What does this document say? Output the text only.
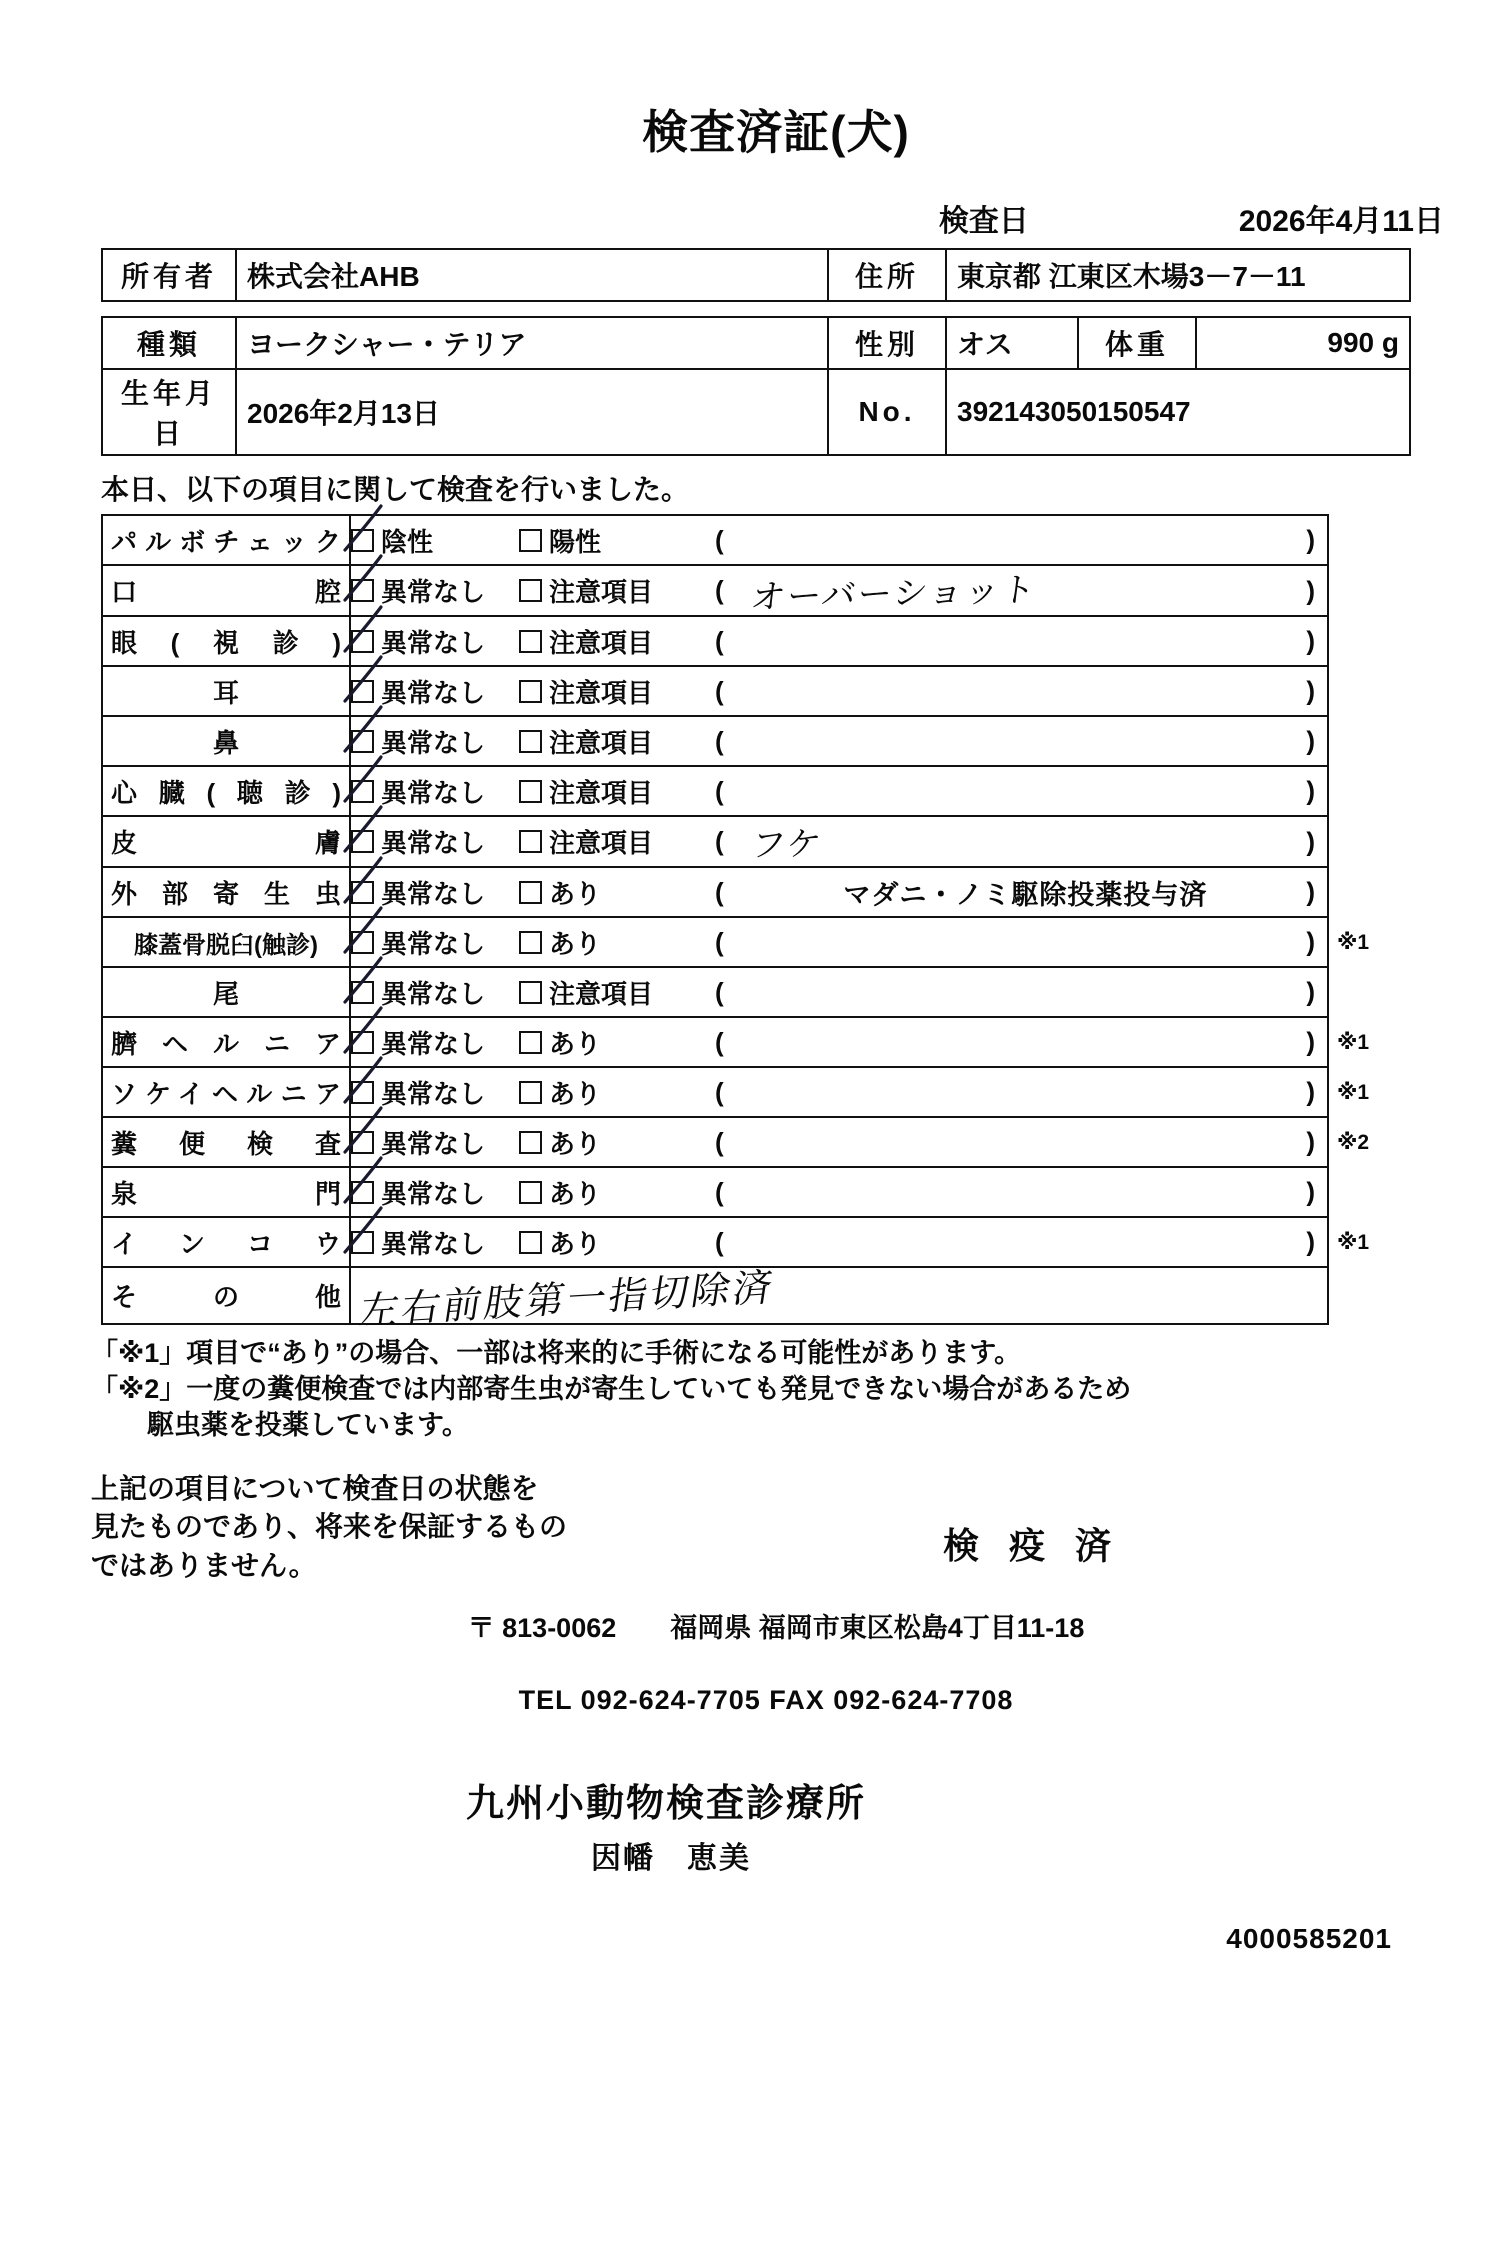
検査済証(犬)
検査日	2026年4月11日
所有者	株式会社AHB	住所	東京都 江東区木場3－7－11
種類	ヨークシャー・テリア	性別	オス	体重	990 g
生年月日	2026年2月13日	No.	392143050150547		
本日、以下の項目に関して検査を行いました。
パルボチェック	陰性 陽性 ( )	

口腔	異常なし 注意項目 ( オーバーショット )	

眼(視診)	異常なし 注意項目 ( )	

耳	異常なし 注意項目 ( )	

鼻	異常なし 注意項目 ( )	

心臓(聴診)	異常なし 注意項目 ( )	

皮膚	異常なし 注意項目 ( フケ )	

外部寄生虫	異常なし あり ( マダニ・ノミ駆除投薬投与済 )	

膝蓋骨脱臼(触診)	異常なし あり ( )	※1
尾	異常なし 注意項目 ( )	

臍ヘルニア	異常なし あり ( )	※1
ソケイヘルニア	異常なし あり ( )	※1
糞便検査	異常なし あり ( )	※2
泉門	異常なし あり ( )	

インコウ	異常なし あり ( )	※1
その他	左右前肢第一指切除済	
「※1」項目で“あり”の場合、一部は将来的に手術になる可能性があります。
「※2」一度の糞便検査では内部寄生虫が寄生していても発見できない場合があるため
駆虫薬を投薬しています。
上記の項目について検査日の状態を
見たものであり、将来を保証するもの
ではありません。	検 疫 済
〒 813-0062　　福岡県 福岡市東区松島4丁目11-18
TEL 092-624-7705 FAX 092-624-7708
九州小動物検査診療所
因幡　恵美
4000585201
